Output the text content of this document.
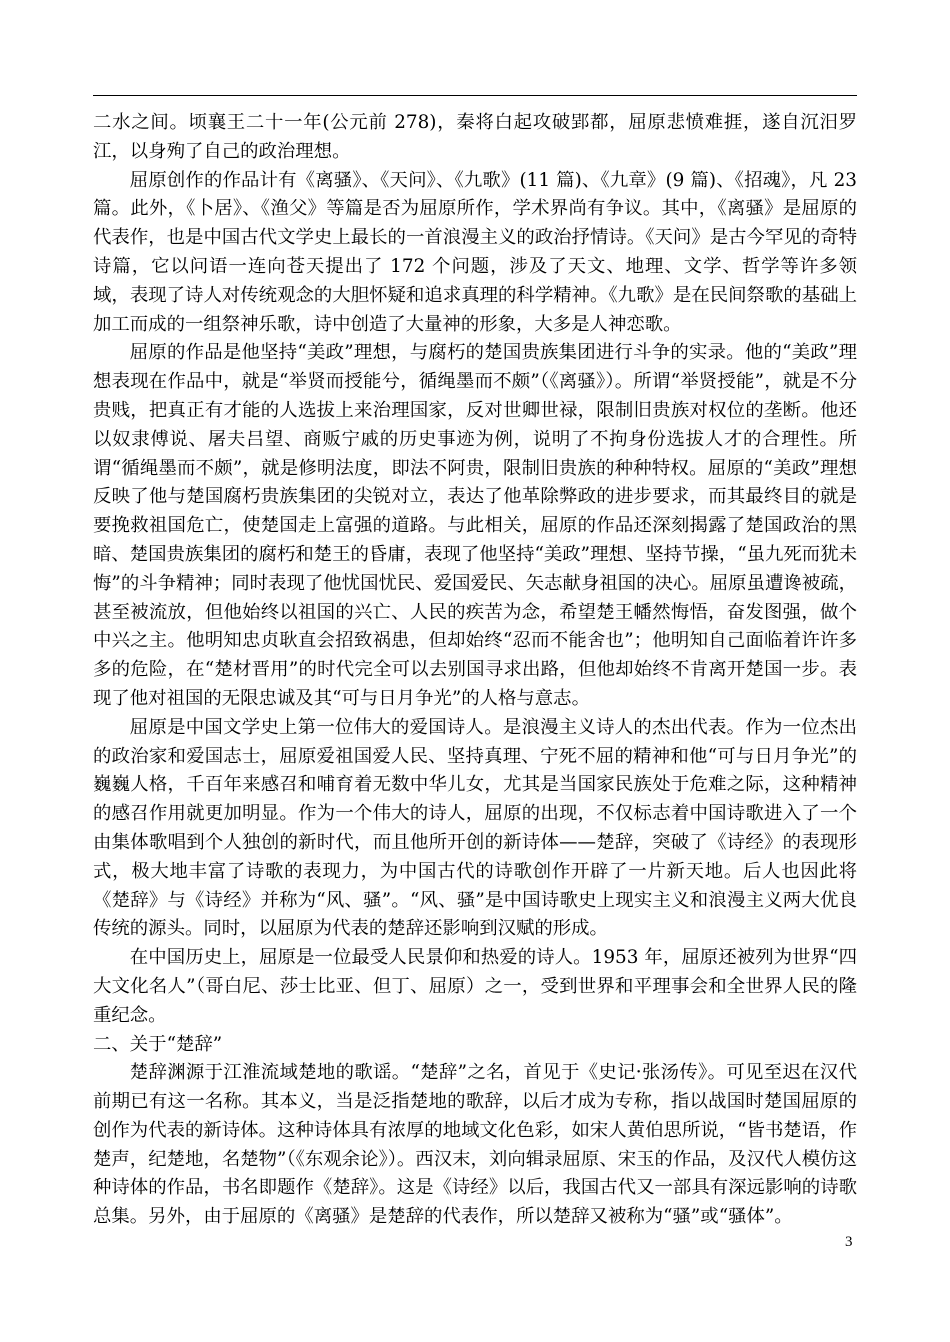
二水之间。顷襄王二十一年(公元前 278)，秦将白起攻破郢都，屈原悲愤难捱，遂自沉汨罗江，以身殉了自己的政治理想。

屈原创作的作品计有《离骚》、《天问》、《九歌》(11 篇)、《九章》(9 篇)、《招魂》，凡 23 篇。此外，《卜居》、《渔父》等篇是否为屈原所作，学术界尚有争议。其中，《离骚》是屈原的代表作，也是中国古代文学史上最长的一首浪漫主义的政治抒情诗。《天问》是古今罕见的奇特诗篇，它以问语一连向苍天提出了 172 个问题，涉及了天文、地理、文学、哲学等许多领域，表现了诗人对传统观念的大胆怀疑和追求真理的科学精神。《九歌》是在民间祭歌的基础上加工而成的一组祭神乐歌，诗中创造了大量神的形象，大多是人神恋歌。

屈原的作品是他坚持“美政”理想，与腐朽的楚国贵族集团进行斗争的实录。他的“美政”理想表现在作品中，就是“举贤而授能兮，循绳墨而不颇”（《离骚》）。所谓“举贤授能”，就是不分贵贱，把真正有才能的人选拔上来治理国家，反对世卿世禄，限制旧贵族对权位的垄断。他还以奴隶傅说、屠夫吕望、商贩宁戚的历史事迹为例，说明了不拘身份选拔人才的合理性。所谓“循绳墨而不颇”，就是修明法度，即法不阿贵，限制旧贵族的种种特权。屈原的“美政”理想反映了他与楚国腐朽贵族集团的尖锐对立，表达了他革除弊政的进步要求，而其最终目的就是要挽救祖国危亡，使楚国走上富强的道路。与此相关，屈原的作品还深刻揭露了楚国政治的黑暗、楚国贵族集团的腐朽和楚王的昏庸，表现了他坚持“美政”理想、坚持节操，“虽九死而犹未悔”的斗争精神；同时表现了他忧国忧民、爱国爱民、矢志献身祖国的决心。屈原虽遭谗被疏，甚至被流放，但他始终以祖国的兴亡、人民的疾苦为念，希望楚王幡然悔悟，奋发图强，做个中兴之主。他明知忠贞耿直会招致祸患，但却始终“忍而不能舍也”；他明知自己面临着许许多多的危险，在“楚材晋用”的时代完全可以去别国寻求出路，但他却始终不肯离开楚国一步。表现了他对祖国的无限忠诚及其“可与日月争光”的人格与意志。

屈原是中国文学史上第一位伟大的爱国诗人。是浪漫主义诗人的杰出代表。作为一位杰出的政治家和爱国志士，屈原爱祖国爱人民、坚持真理、宁死不屈的精神和他“可与日月争光”的巍巍人格，千百年来感召和哺育着无数中华儿女，尤其是当国家民族处于危难之际，这种精神的感召作用就更加明显。作为一个伟大的诗人，屈原的出现，不仅标志着中国诗歌进入了一个由集体歌唱到个人独创的新时代，而且他所开创的新诗体——楚辞，突破了《诗经》的表现形式，极大地丰富了诗歌的表现力，为中国古代的诗歌创作开辟了一片新天地。后人也因此将《楚辞》与《诗经》并称为“风、骚”。“风、骚”是中国诗歌史上现实主义和浪漫主义两大优良传统的源头。同时，以屈原为代表的楚辞还影响到汉赋的形成。

在中国历史上，屈原是一位最受人民景仰和热爱的诗人。1953 年，屈原还被列为世界“四大文化名人”（哥白尼、莎士比亚、但丁、屈原）之一，受到世界和平理事会和全世界人民的隆重纪念。

二、关于“楚辞”

楚辞渊源于江淮流域楚地的歌谣。“楚辞”之名，首见于《史记·张汤传》。可见至迟在汉代前期已有这一名称。其本义，当是泛指楚地的歌辞，以后才成为专称，指以战国时楚国屈原的创作为代表的新诗体。这种诗体具有浓厚的地域文化色彩，如宋人黄伯思所说，“皆书楚语，作楚声，纪楚地，名楚物”（《东观余论》）。西汉末，刘向辑录屈原、宋玉的作品，及汉代人模仿这种诗体的作品，书名即题作《楚辞》。这是《诗经》以后，我国古代又一部具有深远影响的诗歌总集。另外，由于屈原的《离骚》是楚辞的代表作，所以楚辞又被称为“骚”或“骚体”。

3
